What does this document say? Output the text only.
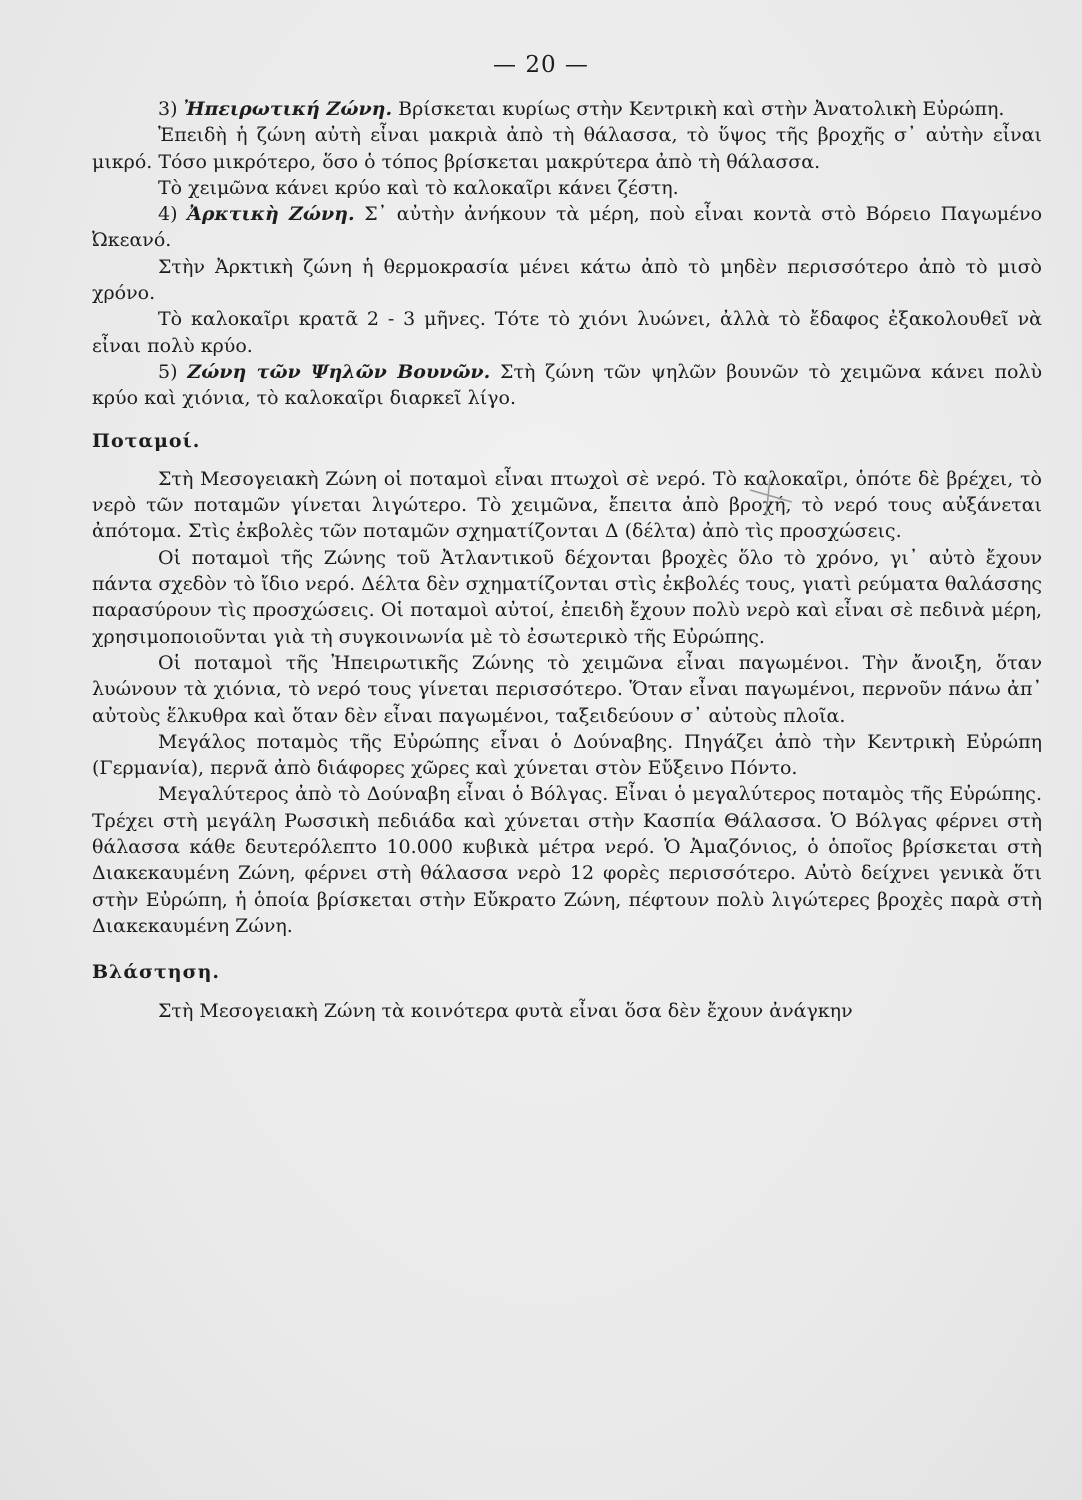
— 20 —

3) Ἠπειρωτική Ζώνη. Βρίσκεται κυρίως στὴν Κεντρικὴ καὶ στὴν Ἀνατολικὴ Εὐρώπη.

Ἐπειδὴ ἡ ζώνη αὐτὴ εἶναι μακριὰ ἀπὸ τὴ θάλασσα, τὸ ὕψος τῆς βροχῆς σ᾿ αὐτὴν εἶναι μικρό. Τόσο μικρότερο, ὅσο ὁ τόπος βρίσκεται μακρύτερα ἀπὸ τὴ θάλασσα.

Τὸ χειμῶνα κάνει κρύο καὶ τὸ καλοκαῖρι κάνει ζέστη.

4) Ἀρκτικὴ Ζώνη. Σ᾿ αὐτὴν ἀνήκουν τὰ μέρη, ποὺ εἶναι κοντὰ στὸ Βόρειο Παγωμένο Ὠκεανό.

Στὴν Ἀρκτικὴ ζώνη ἡ θερμοκρασία μένει κάτω ἀπὸ τὸ μηδὲν περισσότερο ἀπὸ τὸ μισὸ χρόνο.

Τὸ καλοκαῖρι κρατᾶ 2 - 3 μῆνες. Τότε τὸ χιόνι λυώνει, ἀλλὰ τὸ ἔδαφος ἐξακολουθεῖ νὰ εἶναι πολὺ κρύο.

5) Ζώνη τῶν Ψηλῶν Βουνῶν. Στὴ ζώνη τῶν ψηλῶν βουνῶν τὸ χειμῶνα κάνει πολὺ κρύο καὶ χιόνια, τὸ καλοκαῖρι διαρκεῖ λίγο.

Ποταμοί.

Στὴ Μεσογειακὴ Ζώνη οἱ ποταμοὶ εἶναι πτωχοὶ σὲ νερό. Τὸ καλοκαῖρι, ὁπότε δὲ βρέχει, τὸ νερὸ τῶν ποταμῶν γίνεται λιγώτερο. Τὸ χειμῶνα, ἔπειτα ἀπὸ βροχή, τὸ νερό τους αὐξάνεται ἀπότομα. Στὶς ἐκβολὲς τῶν ποταμῶν σχηματίζονται Δ (δέλτα) ἀπὸ τὶς προσχώσεις.

Οἱ ποταμοὶ τῆς Ζώνης τοῦ Ἀτλαντικοῦ δέχονται βροχὲς ὅλο τὸ χρόνο, γι᾿ αὐτὸ ἔχουν πάντα σχεδὸν τὸ ἴδιο νερό. Δέλτα δὲν σχηματίζονται στὶς ἐκβολές τους, γιατὶ ρεύματα θαλάσσης παρασύρουν τὶς προσχώσεις. Οἱ ποταμοὶ αὐτοί, ἐπειδὴ ἔχουν πολὺ νερὸ καὶ εἶναι σὲ πεδινὰ μέρη, χρησιμοποιοῦνται γιὰ τὴ συγκοινωνία μὲ τὸ ἐσωτερικὸ τῆς Εὐρώπης.

Οἱ ποταμοὶ τῆς Ἠπειρωτικῆς Ζώνης τὸ χειμῶνα εἶναι παγωμένοι. Τὴν ἄνοιξη, ὅταν λυώνουν τὰ χιόνια, τὸ νερό τους γίνεται περισσότερο. Ὅταν εἶναι παγωμένοι, περνοῦν πάνω ἀπ᾿ αὐτοὺς ἕλκυθρα καὶ ὅταν δὲν εἶναι παγωμένοι, ταξειδεύουν σ᾿ αὐτοὺς πλοῖα.

Μεγάλος ποταμὸς τῆς Εὐρώπης εἶναι ὁ Δούναβης. Πηγάζει ἀπὸ τὴν Κεντρικὴ Εὐρώπη (Γερμανία), περνᾶ ἀπὸ διάφορες χῶρες καὶ χύνεται στὸν Εὔξεινο Πόντο.

Μεγαλύτερος ἀπὸ τὸ Δούναβη εἶναι ὁ Βόλγας. Εἶναι ὁ μεγαλύτερος ποταμὸς τῆς Εὐρώπης. Τρέχει στὴ μεγάλη Ρωσσικὴ πεδιάδα καὶ χύνεται στὴν Κασπία Θάλασσα. Ὁ Βόλγας φέρνει στὴ θάλασσα κάθε δευτερόλεπτο 10.000 κυβικὰ μέτρα νερό. Ὁ Ἀμαζόνιος, ὁ ὁποῖος βρίσκεται στὴ Διακεκαυμένη Ζώνη, φέρνει στὴ θάλασσα νερὸ 12 φορὲς περισσότερο. Αὐτὸ δείχνει γενικὰ ὅτι στὴν Εὐρώπη, ἡ ὁποία βρίσκεται στὴν Εὔκρατο Ζώνη, πέφτουν πολὺ λιγώτερες βροχὲς παρὰ στὴ Διακεκαυμένη Ζώνη.

Βλάστηση.

Στὴ Μεσογειακὴ Ζώνη τὰ κοινότερα φυτὰ εἶναι ὅσα δὲν ἔχουν ἀνάγκην
